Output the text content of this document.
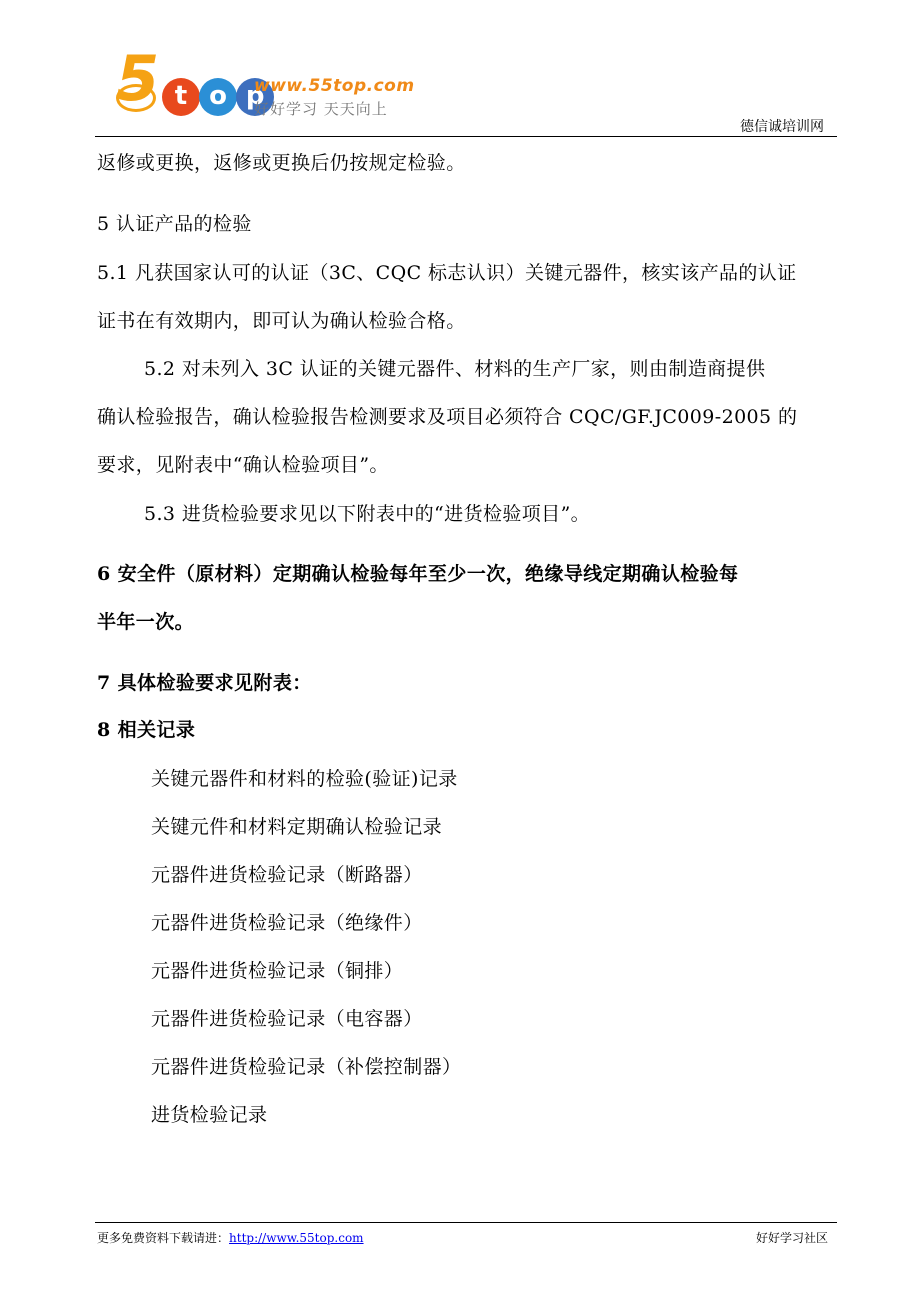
5 t o p
www.55top.com
好好学习 天天向上
德信诚培训网
返修或更换，返修或更换后仍按规定检验。
5 认证产品的检验
5.1 凡获国家认可的认证（3C、CQC 标志认识）关键元器件，核实该产品的认证
证书在有效期内，即可认为确认检验合格。
5.2 对未列入 3C 认证的关键元器件、材料的生产厂家，则由制造商提供
确认检验报告，确认检验报告检测要求及项目必须符合 CQC/GF.JC009-2005 的
要求，见附表中“确认检验项目”。
5.3 进货检验要求见以下附表中的“进货检验项目”。
6 安全件（原材料）定期确认检验每年至少一次，绝缘导线定期确认检验每
半年一次。
7 具体检验要求见附表：
8 相关记录
关键元器件和材料的检验(验证)记录
关键元件和材料定期确认检验记录
元器件进货检验记录（断路器）
元器件进货检验记录（绝缘件）
元器件进货检验记录（铜排）
元器件进货检验记录（电容器）
元器件进货检验记录（补偿控制器）
进货检验记录
更多免费资料下载请进：http://www.55top.com	好好学习社区
